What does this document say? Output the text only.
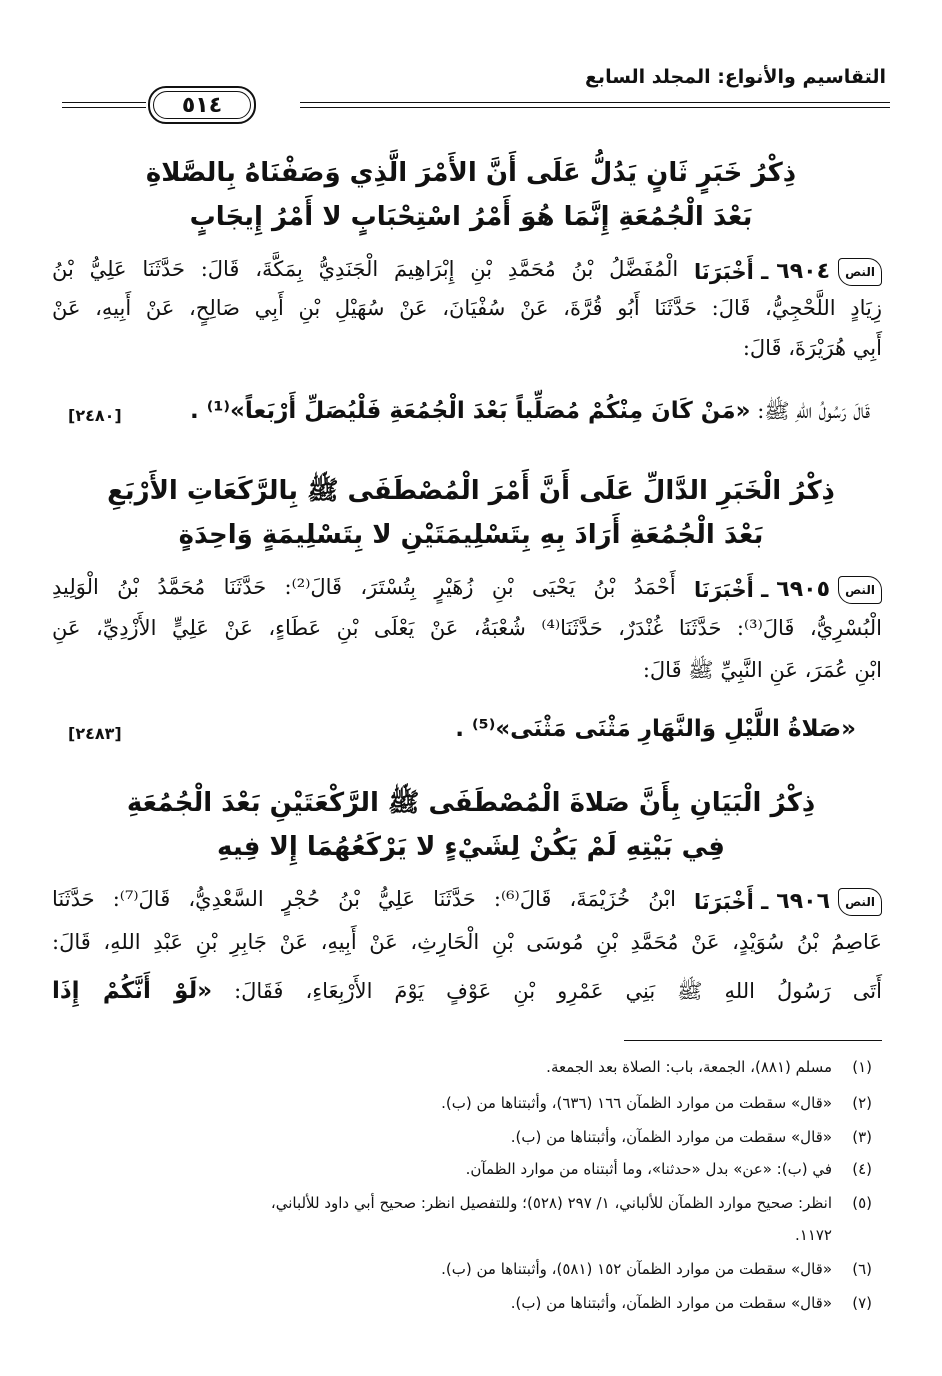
التقاسيم والأنواع: المجلد السابع
٥١٤
ذِكْرُ خَبَرٍ ثَانٍ يَدُلُّ عَلَى أَنَّ الأَمْرَ الَّذِي وَصَفْنَاهُ بِالصَّلاةِ
بَعْدَ الْجُمُعَةِ إِنَّمَا هُوَ أَمْرُ اسْتِحْبَابٍ لا أَمْرُ إِيجَابٍ
النص
٦٩٠٤
ـ أَخْبَرَنَا
الْمُفَضَّلُ بْنُ مُحَمَّدِ بْنِ إِبْرَاهِيمَ الْجَنَدِيُّ بِمَكَّةَ، قَالَ: حَدَّثَنَا عَلِيُّ بْنُ
زِيَادٍ اللَّحْجِيُّ، قَالَ: حَدَّثَنَا أَبُو قُرَّةَ، عَنْ سُفْيَانَ، عَنْ سُهَيْلِ بْنِ أَبِي صَالِحٍ، عَنْ أَبِيهِ، عَنْ
أَبِي هُرَيْرَةَ، قَالَ:
قَالَ رَسُولُ اللهِ ﷺ: «مَنْ كَانَ مِنْكُمْ مُصَلِّياً بَعْدَ الْجُمُعَةِ فَلْيُصَلِّ أَرْبَعاً»⁽¹⁾ .
[٢٤٨٠]
ذِكْرُ الْخَبَرِ الدَّالِّ عَلَى أَنَّ أَمْرَ الْمُصْطَفَى ﷺ بِالرَّكَعَاتِ الأَرْبَعِ
بَعْدَ الْجُمُعَةِ أَرَادَ بِهِ بِتَسْلِيمَتَيْنِ لا بِتَسْلِيمَةٍ وَاحِدَةٍ
النص
٦٩٠٥
ـ أَخْبَرَنَا
أَحْمَدُ بْنُ يَحْيَى بْنِ زُهَيْرٍ بِتُسْتَرَ، قَالَ⁽²⁾: حَدَّثَنَا مُحَمَّدُ بْنُ الْوَلِيدِ
الْبُسْرِيُّ، قَالَ⁽³⁾: حَدَّثَنَا غُنْدَرٌ، حَدَّثَنَا⁽⁴⁾ شُعْبَةُ، عَنْ يَعْلَى بْنِ عَطَاءٍ، عَنْ عَلِيٍّ الأَزْدِيِّ، عَنِ
ابْنِ عُمَرَ، عَنِ النَّبِيِّ ﷺ قَالَ:
«صَلاةُ اللَّيْلِ وَالنَّهَارِ مَثْنَى مَثْنَى»⁽⁵⁾ .
[٢٤٨٣]
ذِكْرُ الْبَيَانِ بِأَنَّ صَلاةَ الْمُصْطَفَى ﷺ الرَّكْعَتَيْنِ بَعْدَ الْجُمُعَةِ
فِي بَيْتِهِ لَمْ يَكُنْ لِشَيْءٍ لا يَرْكَعُهُمَا إِلا فِيهِ
النص
٦٩٠٦
ـ أَخْبَرَنَا
ابْنُ خُزَيْمَةَ، قَالَ⁽⁶⁾: حَدَّثَنَا عَلِيُّ بْنُ حُجْرٍ السَّعْدِيُّ، قَالَ⁽⁷⁾: حَدَّثَنَا
عَاصِمُ بْنُ سُوَيْدٍ، عَنْ مُحَمَّدِ بْنِ مُوسَى بْنِ الْحَارِثِ، عَنْ أَبِيهِ، عَنْ جَابِرِ بْنِ عَبْدِ اللهِ، قَالَ:
أَتَى رَسُولُ اللهِ ﷺ بَنِي عَمْرِو بْنِ عَوْفٍ يَوْمَ الأَرْبِعَاءِ، فَقَالَ: «لَوْ أَنَّكُمْ إِذَا
(١)مسلم (٨٨١)، الجمعة، باب: الصلاة بعد الجمعة.
(٢)«قال» سقطت من موارد الظمآن ١٦٦ (٦٣٦)، وأثبتناها من (ب).
(٣)«قال» سقطت من موارد الظمآن، وأثبتناها من (ب).
(٤)في (ب): «عن» بدل «حدثنا»، وما أثبتناه من موارد الظمآن.
(٥)انظر: صحيح موارد الظمآن للألباني، ١/ ٢٩٧ (٥٢٨)؛ وللتفصيل انظر: صحيح أبي داود للألباني،
١١٧٢.
(٦)«قال» سقطت من موارد الظمآن ١٥٢ (٥٨١)، وأثبتناها من (ب).
(٧)«قال» سقطت من موارد الظمآن، وأثبتناها من (ب).
